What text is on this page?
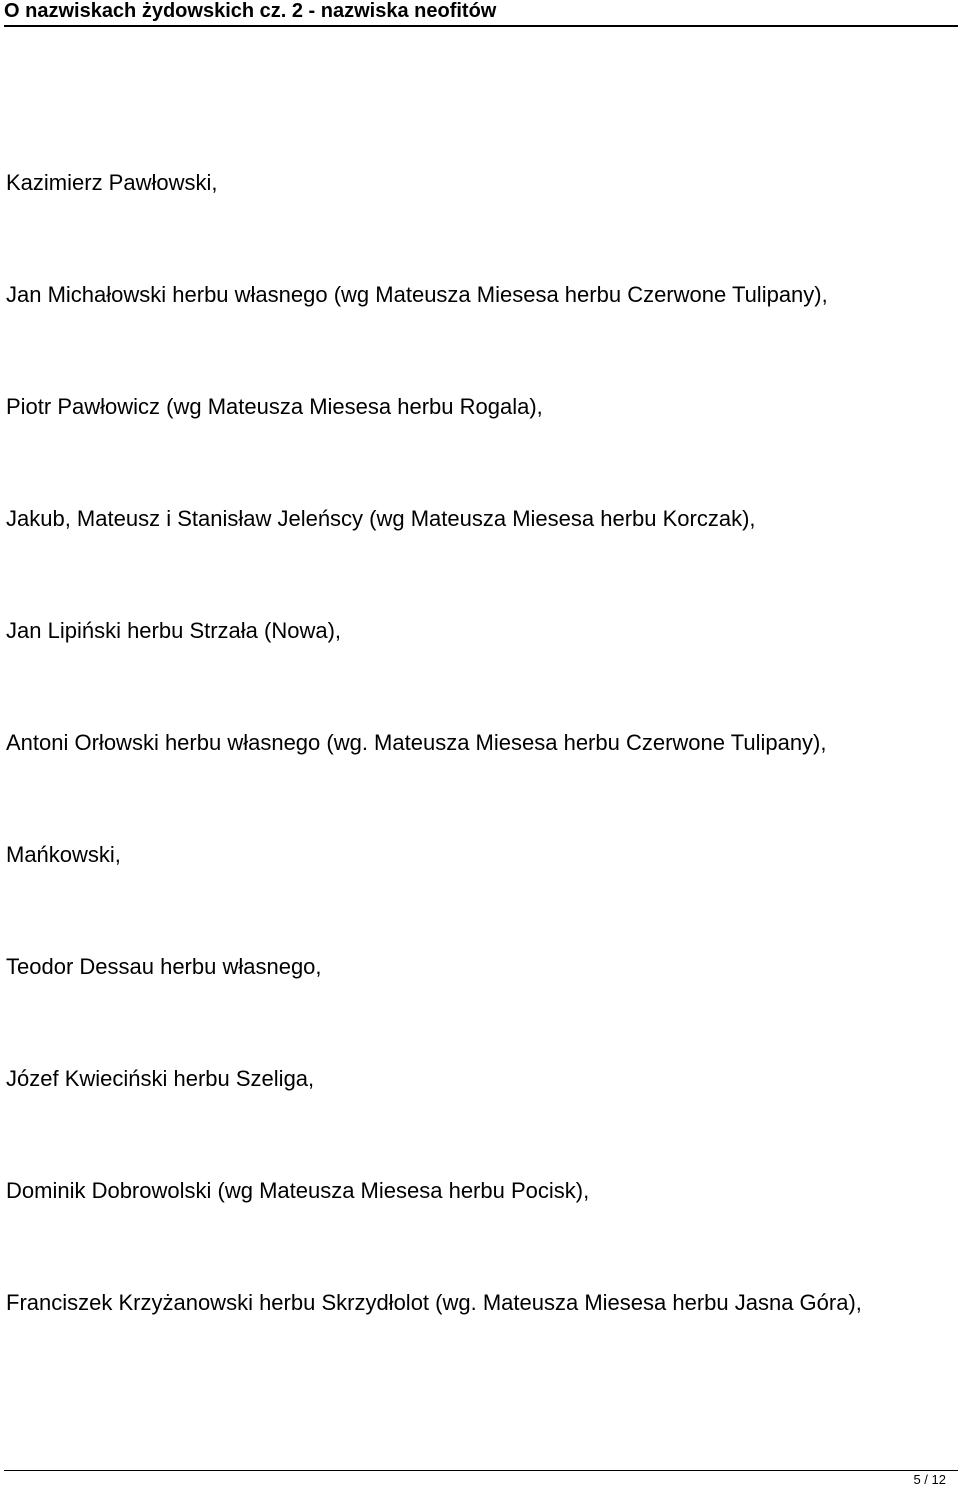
O nazwiskach żydowskich cz. 2 - nazwiska neofitów
Kazimierz Pawłowski,
Jan Michałowski herbu własnego (wg Mateusza Miesesa herbu Czerwone Tulipany),
Piotr Pawłowicz (wg Mateusza Miesesa herbu Rogala),
Jakub, Mateusz i Stanisław Jeleńscy (wg Mateusza Miesesa herbu Korczak),
Jan Lipiński herbu Strzała (Nowa),
Antoni Orłowski herbu własnego (wg. Mateusza Miesesa herbu Czerwone Tulipany),
Mańkowski,
Teodor Dessau herbu własnego,
Józef Kwieciński herbu Szeliga,
Dominik Dobrowolski (wg Mateusza Miesesa herbu Pocisk),
Franciszek Krzyżanowski herbu Skrzydłolot (wg. Mateusza Miesesa herbu Jasna Góra),
5 / 12
